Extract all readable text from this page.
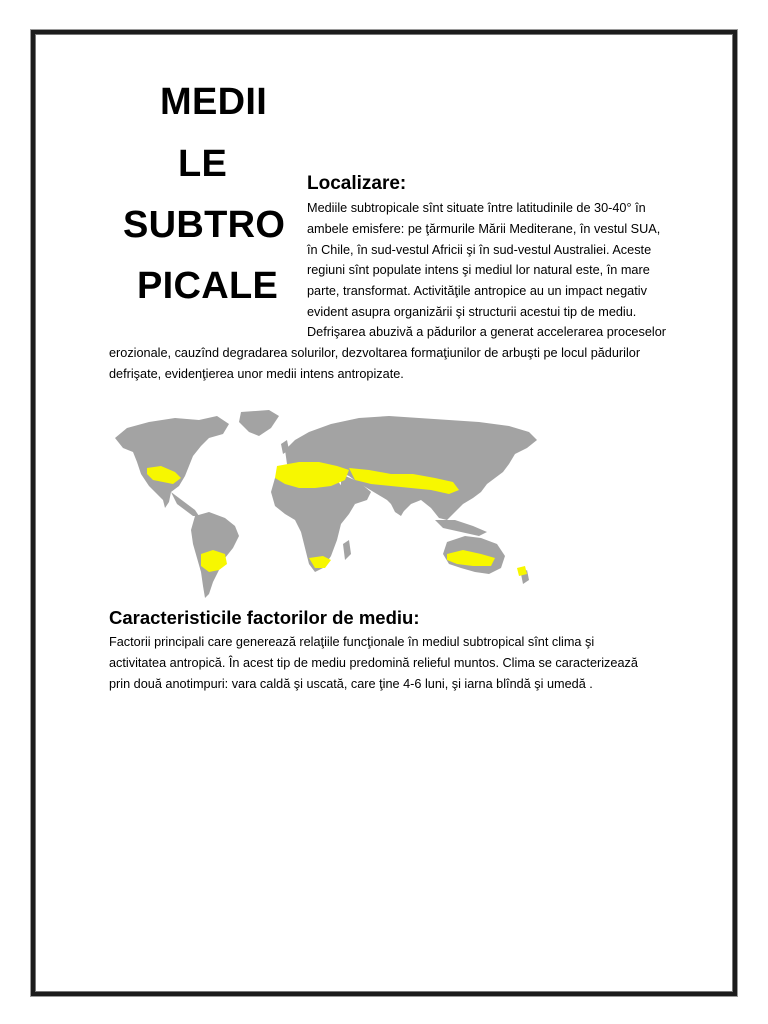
MEDII
LE
SUBTRO
PICALE
Localizare:
Mediile subtropicale sînt situate între latitudinile de 30-40° în
ambele emisfere: pe ţărmurile Mării Mediterane, în vestul SUA,
în Chile, în sud-vestul Africii şi în sud-vestul Australiei. Aceste
regiuni sînt populate intens şi mediul lor natural este, în mare
parte, transformat. Activităţile antropice au un impact negativ
evident asupra organizării şi structurii acestui tip de mediu.
Defrişarea abuzivă a pădurilor a generat accelerarea proceselor
erozionale, cauzînd degradarea solurilor, dezvoltarea formaţiunilor de arbuşti pe locul pădurilor
defrişate, evidenţierea unor medii intens antropizate.
Caracteristicile factorilor de mediu:
Factorii principali care generează relaţiile funcţionale în mediul subtropical sînt clima şi
activitatea antropică. În acest tip de mediu predomină relieful muntos. Clima se caracterizează
prin două anotimpuri: vara caldă şi uscată, care ţine 4-6 luni, şi iarna blîndă şi umedă .
